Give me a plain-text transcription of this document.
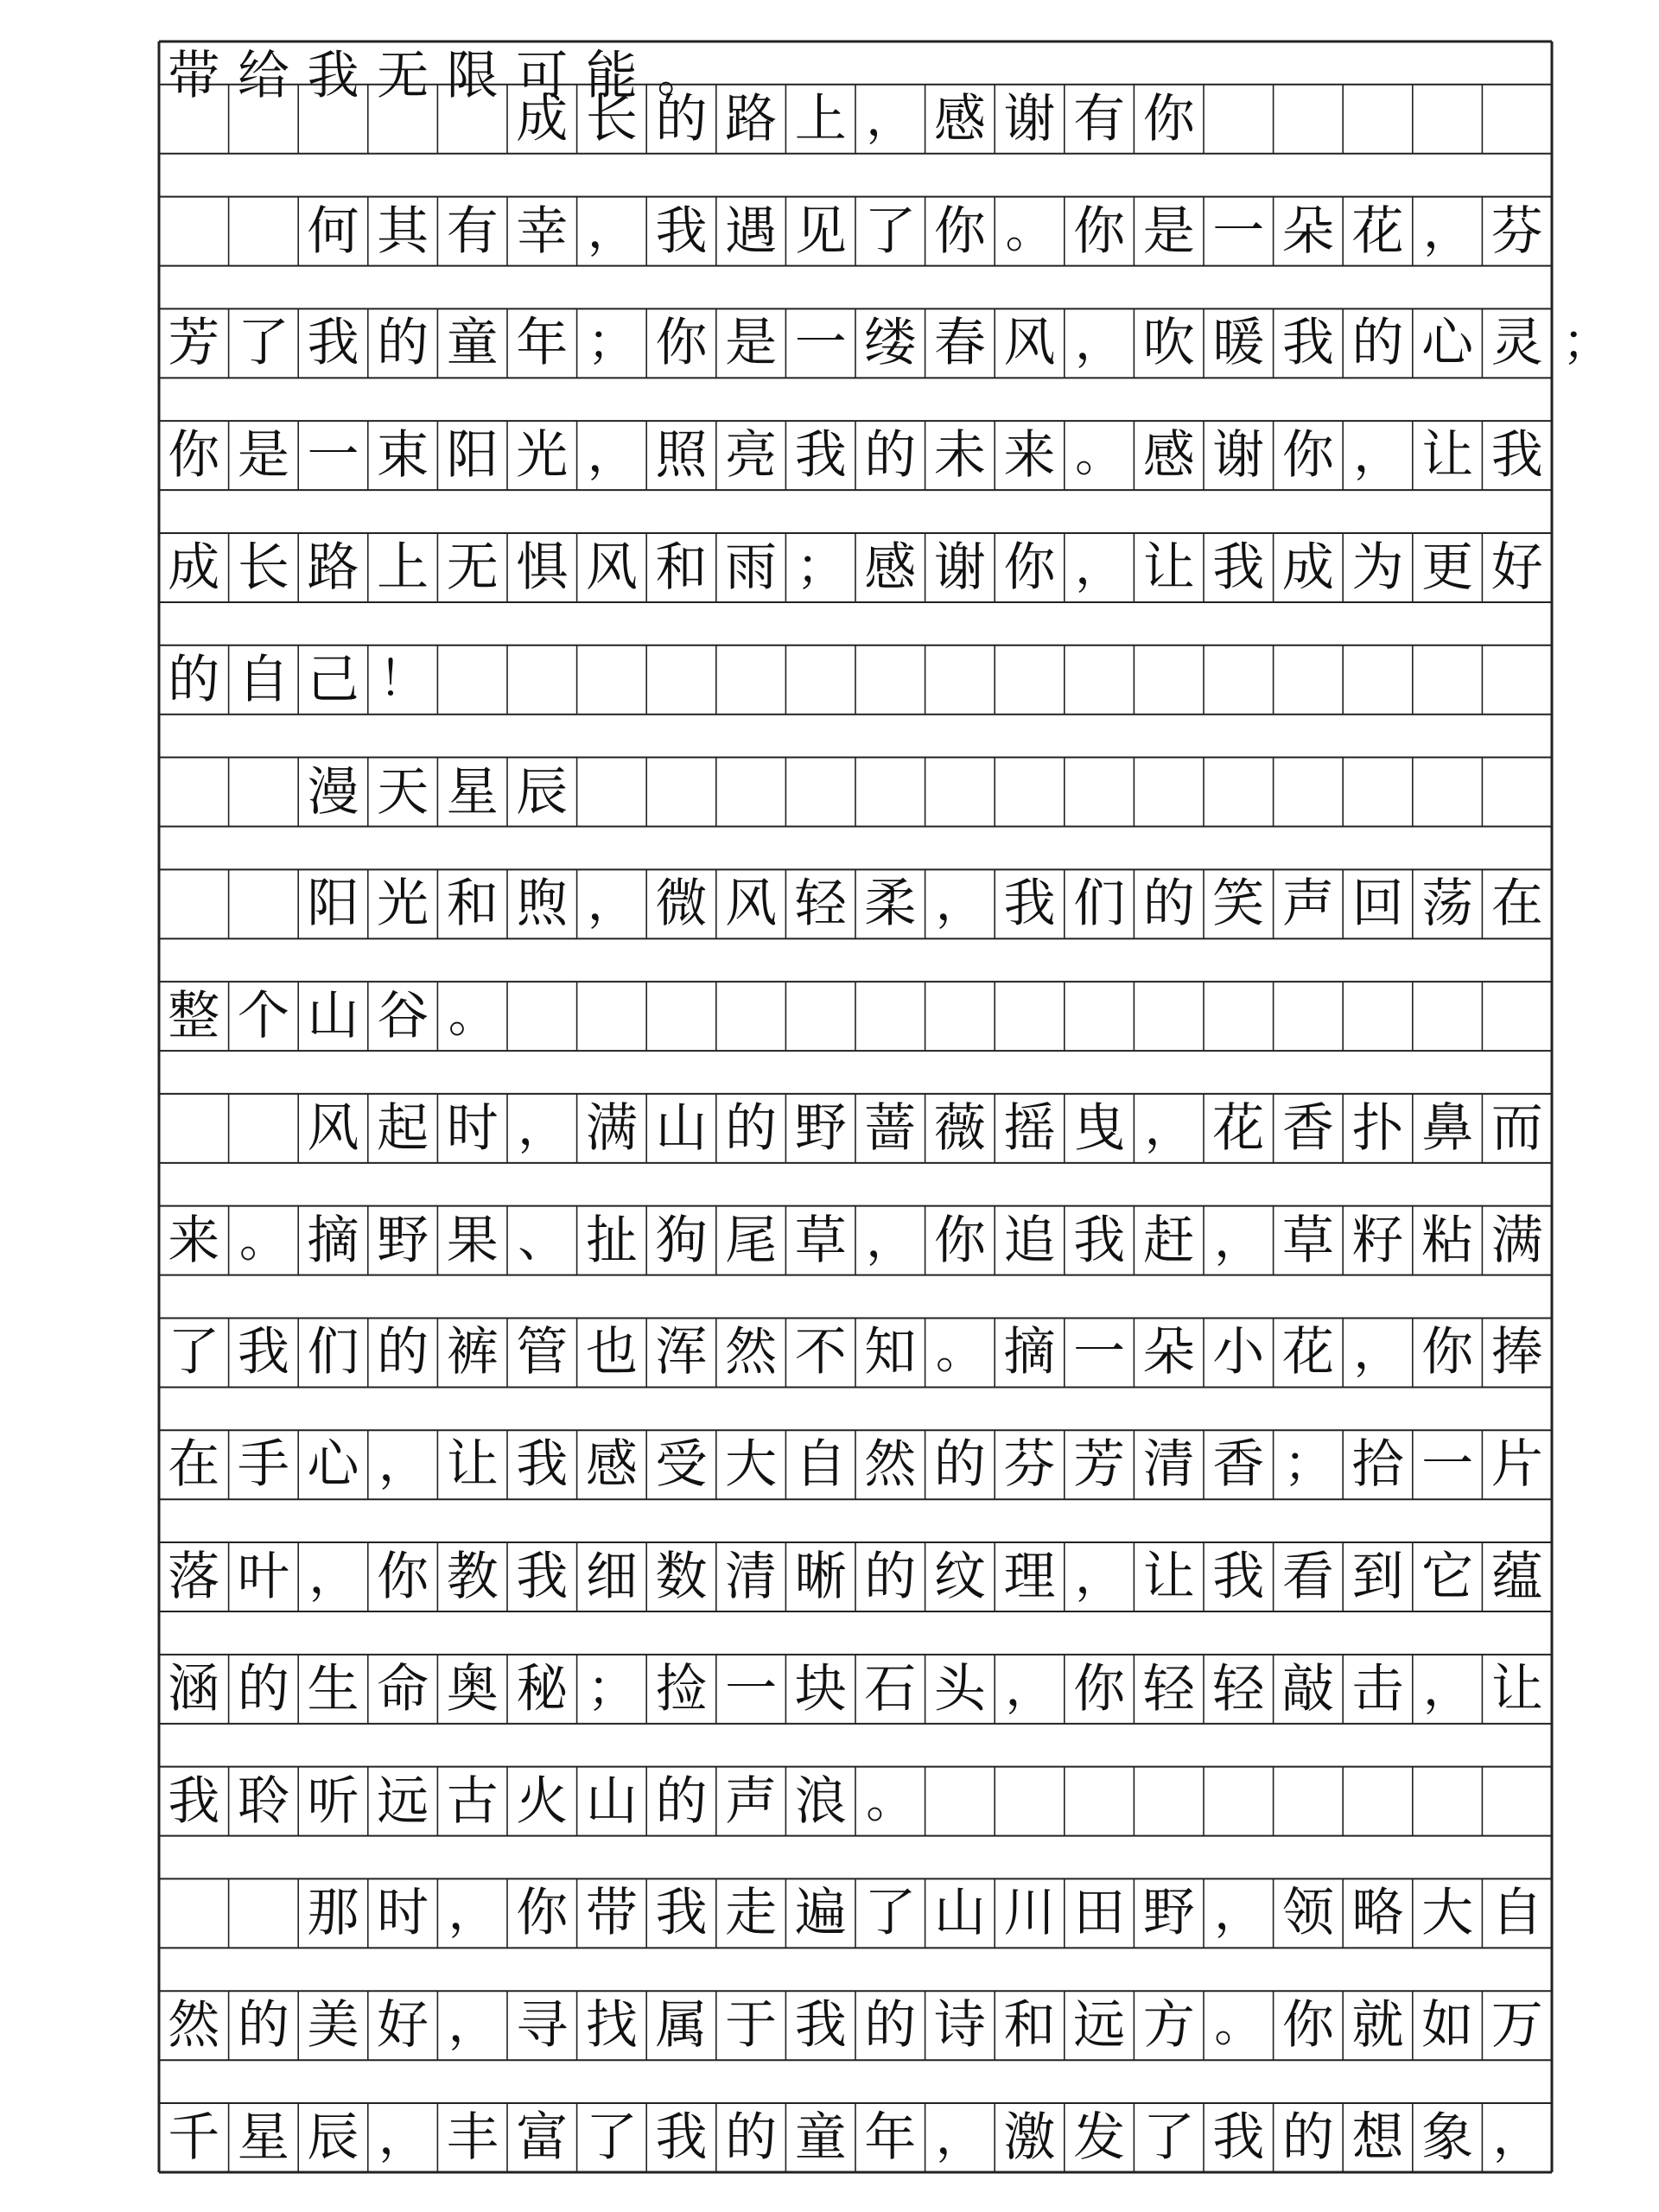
成 长 的 路 上 ， 感 谢 有 你
何 其 有 幸 ， 我 遇 见 了 你 。 你 是 一 朵 花 ， 芬
芳 了 我 的 童 年 ； 你 是 一 缕 春 风 ， 吹 暖 我 的 心 灵 ；
你 是 一 束 阳 光 ， 照 亮 我 的 未 来 。 感 谢 你 ， 让 我
成 长 路 上 无 惧 风 和 雨 ； 感 谢 你 ， 让 我 成 为 更 好
的 自 己 ！
漫 天 星 辰
阳 光 和 煦 ， 微 风 轻 柔 ， 我 们 的 笑 声 回 荡 在
整 个 山 谷 。
风 起 时 ， 满 山 的 野 蔷 薇 摇 曳 ， 花 香 扑 鼻 而
来 。 摘 野 果 、 扯 狗 尾 草 ， 你 追 我 赶 ， 草 籽 粘 满
了 我 们 的 裤 管 也 浑 然 不 知 。 摘 一 朵 小 花 ， 你 捧
在 手 心 ， 让 我 感 受 大 自 然 的 芬 芳 清 香 ； 拾 一 片
落 叶 ， 你 教 我 细 数 清 晰 的 纹 理 ， 让 我 看 到 它 蕴
涵 的 生 命 奥 秘 ； 捡 一 块 石 头 ， 你 轻 轻 敲 击 ， 让
我 聆 听 远 古 火 山 的 声 浪 。
那 时 ， 你 带 我 走 遍 了 山 川 田 野 ， 领 略 大 自
然 的 美 好 ， 寻 找 属 于 我 的 诗 和 远 方 。 你 就 如 万
千 星 辰 ， 丰 富 了 我 的 童 年 ， 激 发 了 我 的 想 象 ，
带 给 我 无 限 可 能 。
